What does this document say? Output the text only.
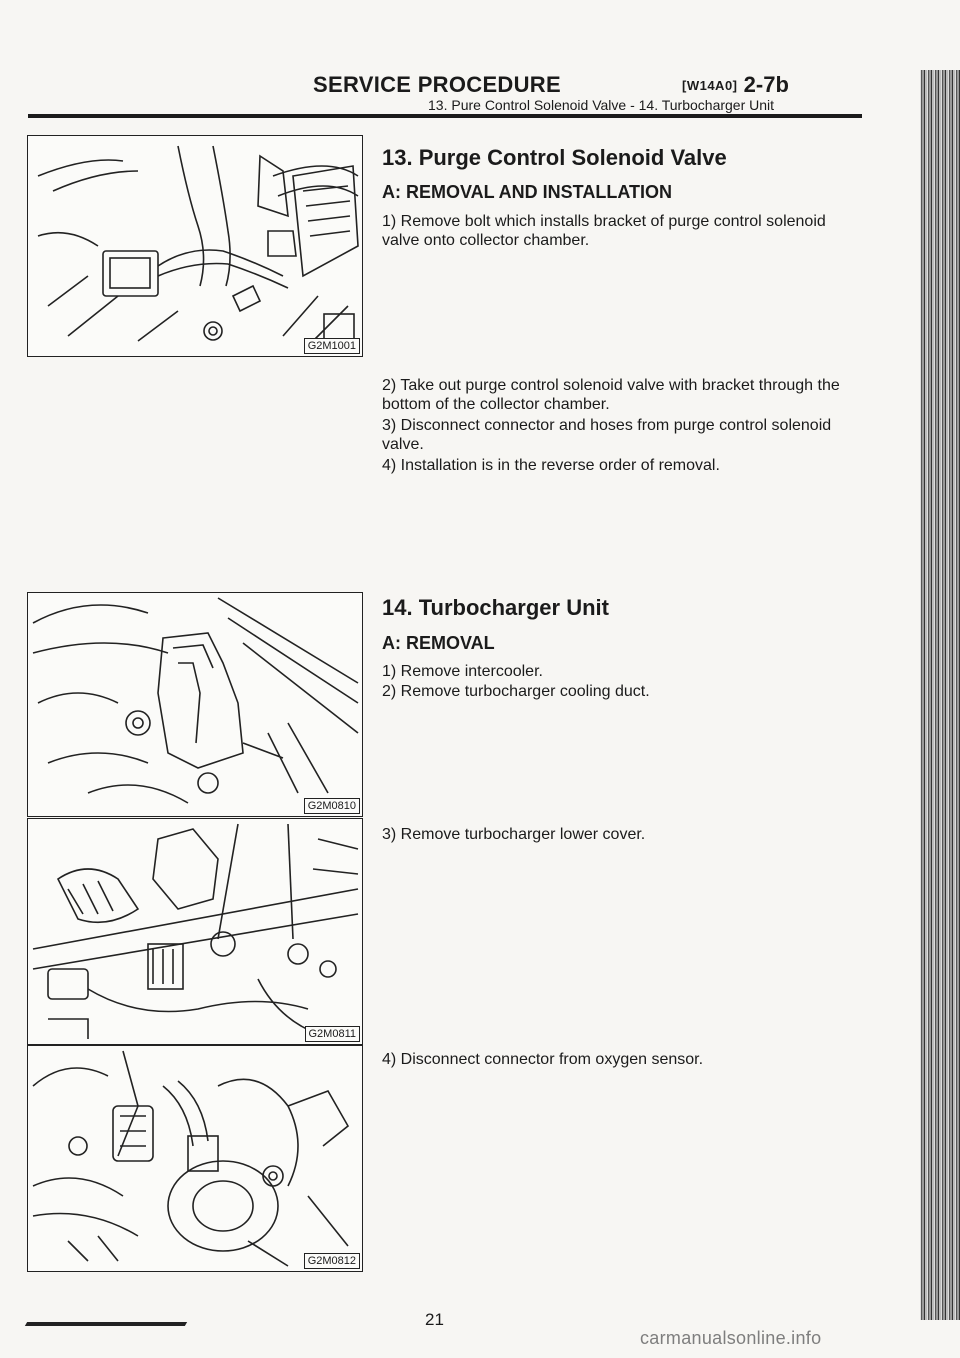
SERVICE PROCEDURE	[W14A0] 2-7b
13. Pure Control Solenoid Valve - 14. Turbocharger Unit
G2M1001
G2M0810
G2M0811
G2M0812
13. Purge Control Solenoid Valve
A: REMOVAL AND INSTALLATION
1) Remove bolt which installs bracket of purge control solenoid valve onto collector chamber.
2) Take out purge control solenoid valve with bracket through the bottom of the collector chamber.
3) Disconnect connector and hoses from purge control solenoid valve.
4) Installation is in the reverse order of removal.
14. Turbocharger Unit
A: REMOVAL
1) Remove intercooler.
2) Remove turbocharger cooling duct.
3) Remove turbocharger lower cover.
4) Disconnect connector from oxygen sensor.
21
carmanualsonline.info
